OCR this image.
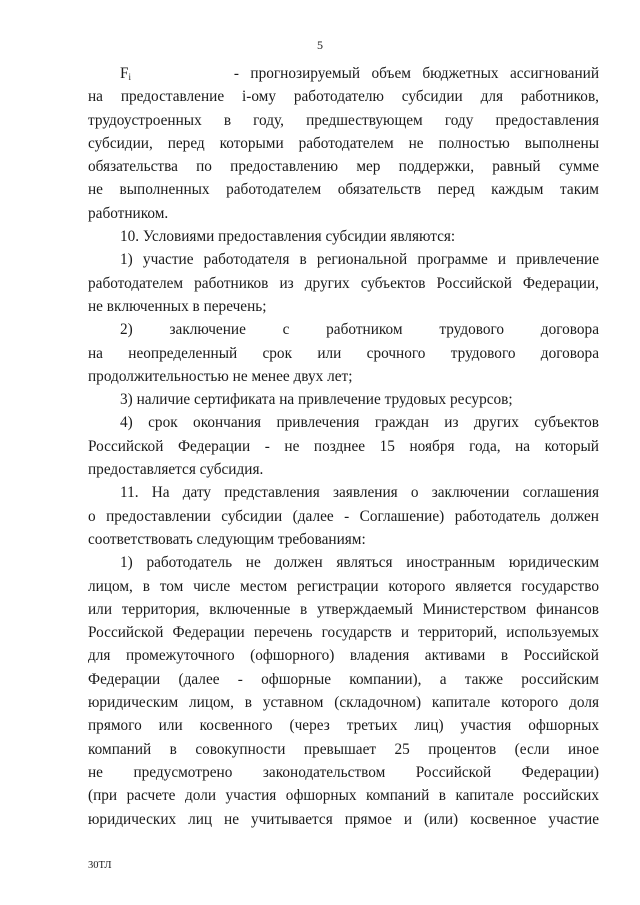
5
$F_i$	- прогнозируемый объем бюджетных ассигнований
на предоставление i-ому работодателю субсидии для работников,
трудоустроенных в году, предшествующем году предоставления
субсидии, перед которыми работодателем не полностью выполнены
обязательства по предоставлению мер поддержки, равный сумме
не выполненных работодателем обязательств перед каждым таким
работником.
10. Условиями предоставления субсидии являются:
1) участие работодателя в региональной программе и привлечение
работодателем работников из других субъектов Российской Федерации,
не включенных в перечень;
2) заключение с работником трудового договора
на неопределенный срок или срочного трудового договора
продолжительностью не менее двух лет;
3) наличие сертификата на привлечение трудовых ресурсов;
4) срок окончания привлечения граждан из других субъектов
Российской Федерации - не позднее 15 ноября года, на который
предоставляется субсидия.
11. На дату представления заявления о заключении соглашения
о предоставлении субсидии (далее - Соглашение) работодатель должен
соответствовать следующим требованиям:
1) работодатель не должен являться иностранным юридическим
лицом, в том числе местом регистрации которого является государство
или территория, включенные в утверждаемый Министерством финансов
Российской Федерации перечень государств и территорий, используемых
для промежуточного (офшорного) владения активами в Российской
Федерации (далее - офшорные компании), а также российским
юридическим лицом, в уставном (складочном) капитале которого доля
прямого или косвенного (через третьих лиц) участия офшорных
компаний в совокупности превышает 25 процентов (если иное
не предусмотрено законодательством Российской Федерации)
(при расчете доли участия офшорных компаний в капитале российских
юридических лиц не учитывается прямое и (или) косвенное участие
30ТЛ
